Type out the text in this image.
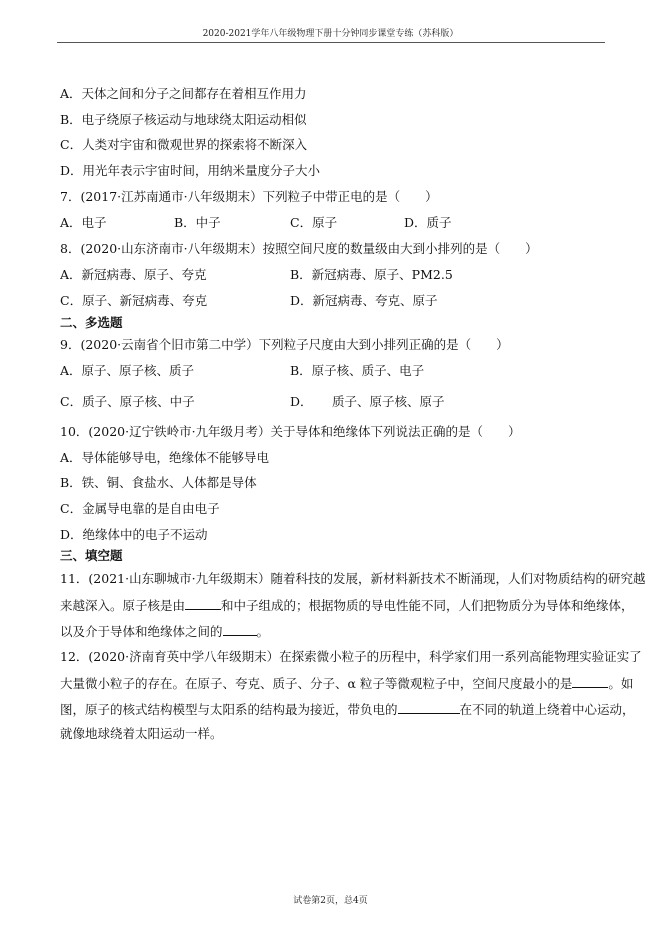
2020-2021学年八年级物理下册十分钟同步课堂专练（苏科版）
A．天体之间和分子之间都存在着相互作用力
B．电子绕原子核运动与地球绕太阳运动相似
C．人类对宇宙和微观世界的探索将不断深入
D．用光年表示宇宙时间，用纳米量度分子大小
7．(2017·江苏南通市·八年级期末）下列粒子中带正电的是（　　）
A．电子	B．中子	C．原子	D．质子
8．(2020·山东济南市·八年级期末）按照空间尺度的数量级由大到小排列的是（　　）
A．新冠病毒、原子、夸克	B．新冠病毒、原子、PM2.5
C．原子、新冠病毒、夸克	D．新冠病毒、夸克、原子
二、多选题
9．(2020·云南省个旧市第二中学）下列粒子尺度由大到小排列正确的是（　　）
A．原子、原子核、质子	B．原子核、质子、电子
C．质子、原子核、中子	D． 质子、原子核、原子
10．(2020·辽宁铁岭市·九年级月考）关于导体和绝缘体下列说法正确的是（　　）
A．导体能够导电，绝缘体不能够导电
B．铁、铜、食盐水、人体都是导体
C．金属导电靠的是自由电子
D．绝缘体中的电子不运动
三、填空题
11．(2021·山东聊城市·九年级期末）随着科技的发展，新材料新技术不断涌现，人们对物质结构的研究越
来越深入。原子核是由	和中子组成的；根据物质的导电性能不同，人们把物质分为导体和绝缘体，
以及介于导体和绝缘体之间的	。
12．(2020·济南育英中学八年级期末）在探索微小粒子的历程中，科学家们用一系列高能物理实验证实了
大量微小粒子的存在。在原子、夸克、质子、分子、α 粒子等微观粒子中，空间尺度最小的是	。如
图，原子的核式结构模型与太阳系的结构最为接近，带负电的	在不同的轨道上绕着中心运动，
就像地球绕着太阳运动一样。
试卷第2页，总4页
